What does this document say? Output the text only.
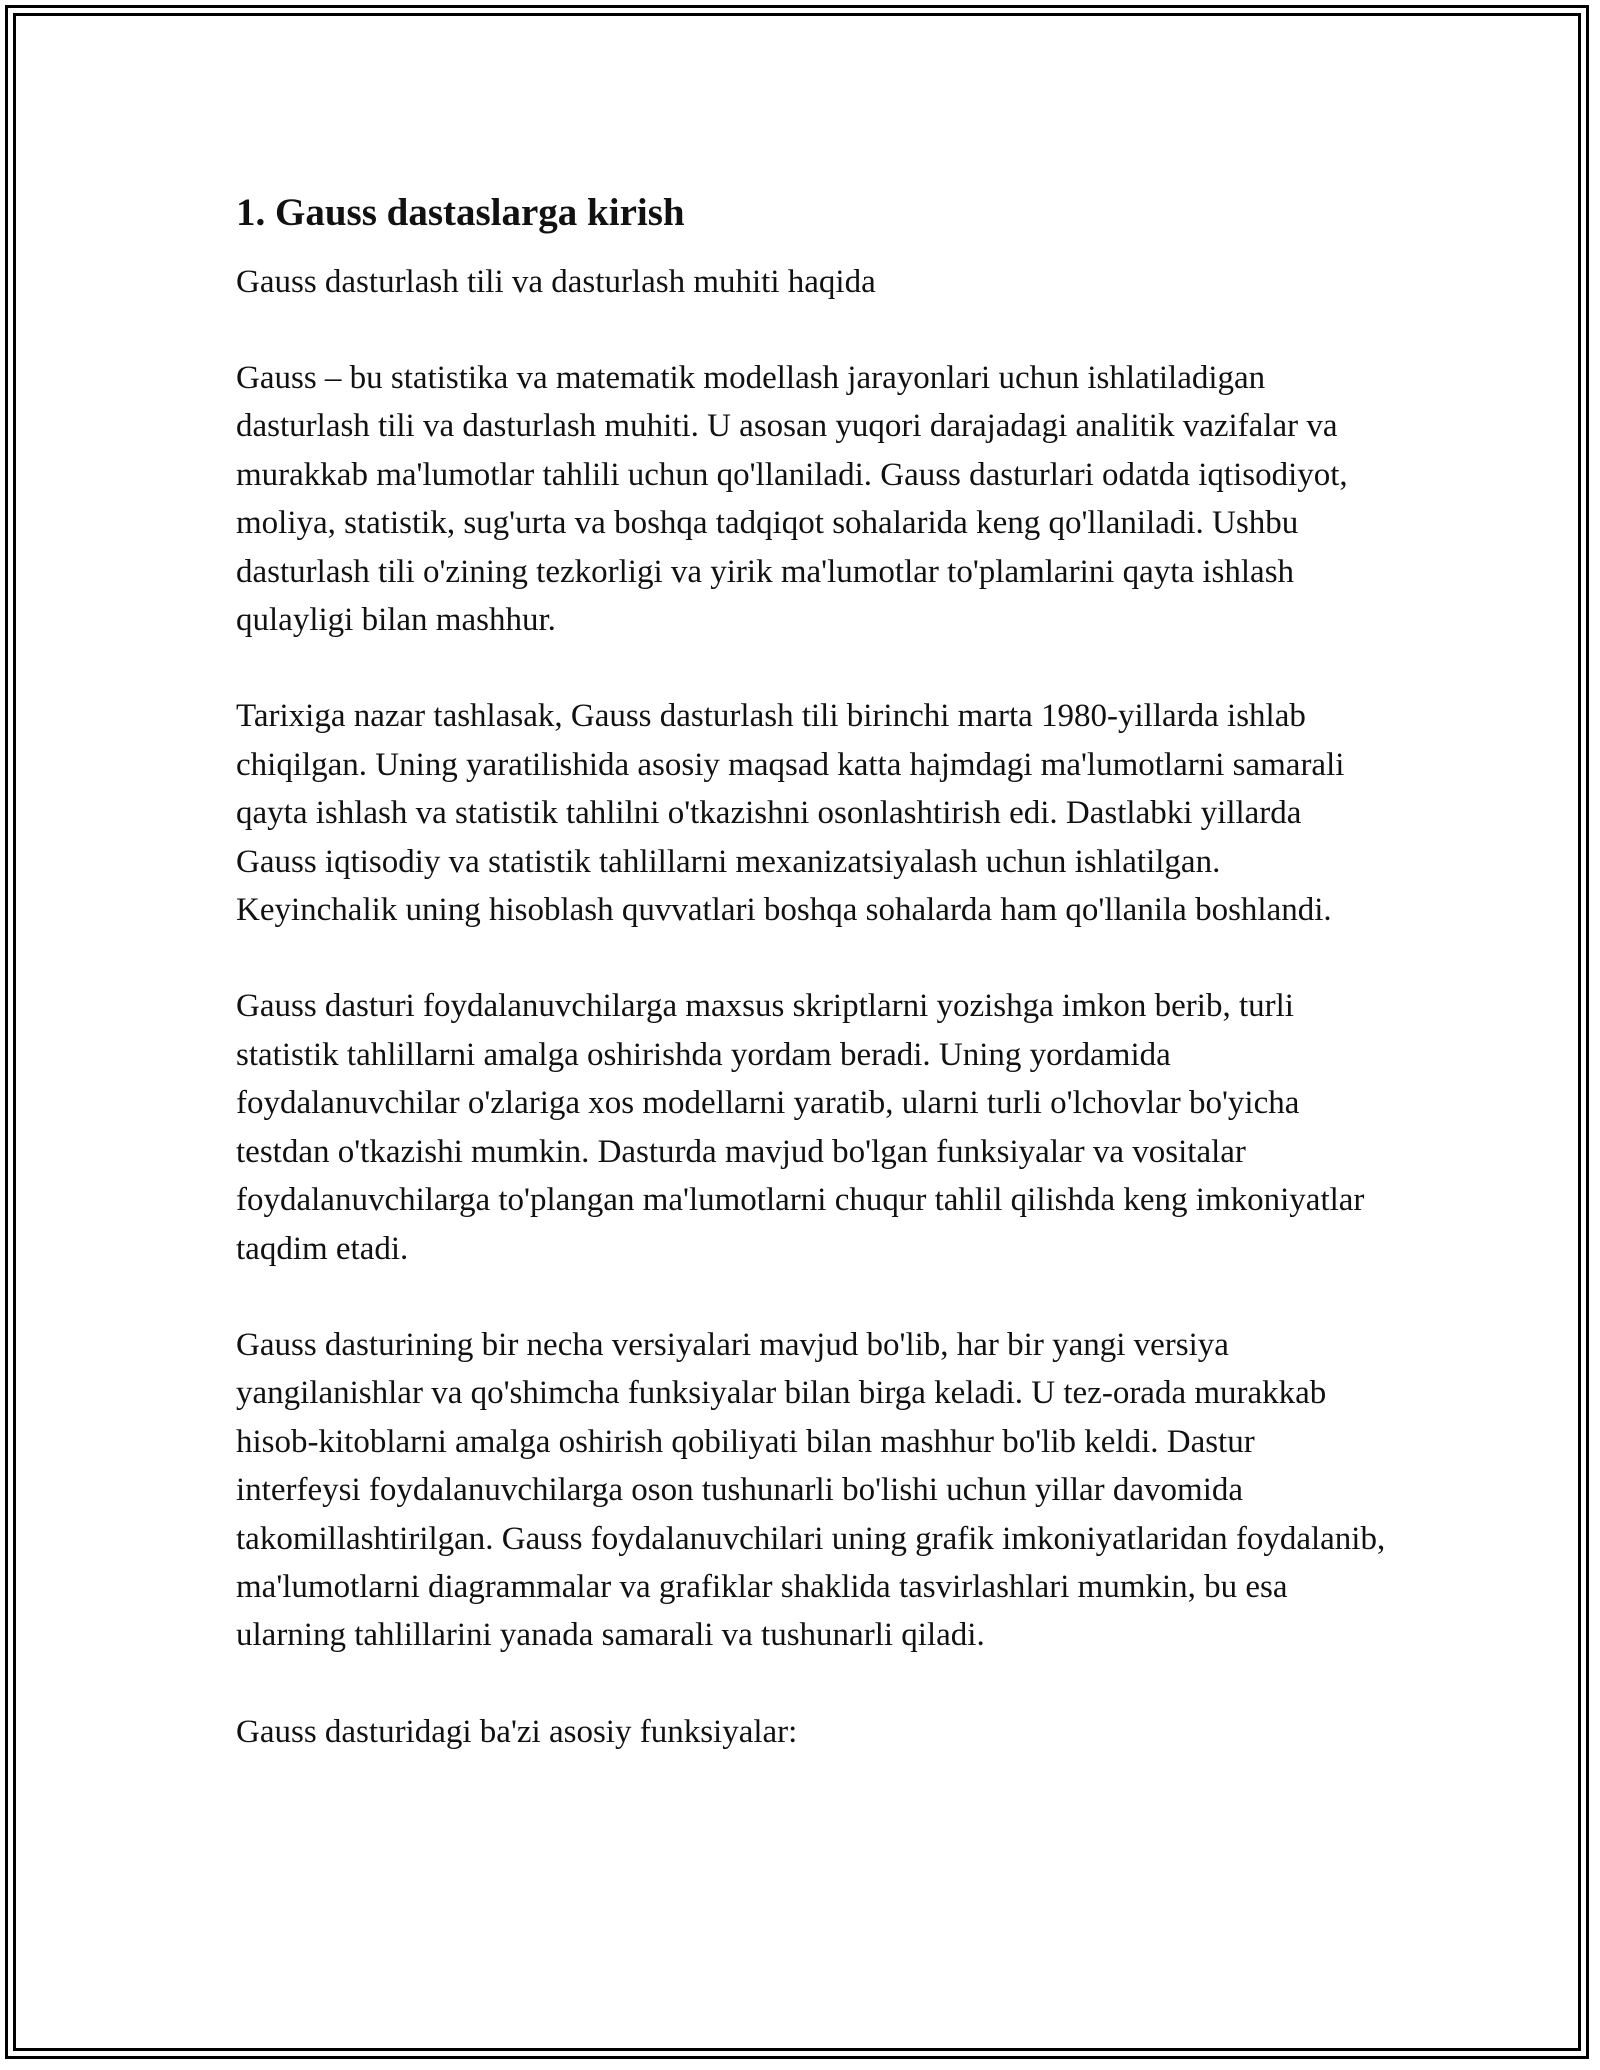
1. Gauss dastaslarga kirish

Gauss dasturlash tili va dasturlash muhiti haqida

Gauss – bu statistika va matematik modellash jarayonlari uchun ishlatiladigan dasturlash tili va dasturlash muhiti. U asosan yuqori darajadagi analitik vazifalar va murakkab ma'lumotlar tahlili uchun qo'llaniladi. Gauss dasturlari odatda iqtisodiyot, moliya, statistik, sug'urta va boshqa tadqiqot sohalarida keng qo'llaniladi. Ushbu dasturlash tili o'zining tezkorligi va yirik ma'lumotlar to'plamlarini qayta ishlash qulayligi bilan mashhur.

Tarixiga nazar tashlasak, Gauss dasturlash tili birinchi marta 1980-yillarda ishlab chiqilgan. Uning yaratilishida asosiy maqsad katta hajmdagi ma'lumotlarni samarali qayta ishlash va statistik tahlilni o'tkazishni osonlashtirish edi. Dastlabki yillarda Gauss iqtisodiy va statistik tahlillarni mexanizatsiyalash uchun ishlatilgan. Keyinchalik uning hisoblash quvvatlari boshqa sohalarda ham qo'llanila boshlandi.

Gauss dasturi foydalanuvchilarga maxsus skriptlarni yozishga imkon berib, turli statistik tahlillarni amalga oshirishda yordam beradi. Uning yordamida foydalanuvchilar o'zlariga xos modellarni yaratib, ularni turli o'lchovlar bo'yicha testdan o'tkazishi mumkin. Dasturda mavjud bo'lgan funksiyalar va vositalar foydalanuvchilarga to'plangan ma'lumotlarni chuqur tahlil qilishda keng imkoniyatlar taqdim etadi.

Gauss dasturining bir necha versiyalari mavjud bo'lib, har bir yangi versiya yangilanishlar va qo'shimcha funksiyalar bilan birga keladi. U tez-orada murakkab hisob-kitoblarni amalga oshirish qobiliyati bilan mashhur bo'lib keldi. Dastur interfeysi foydalanuvchilarga oson tushunarli bo'lishi uchun yillar davomida takomillashtirilgan. Gauss foydalanuvchilari uning grafik imkoniyatlaridan foydalanib, ma'lumotlarni diagrammalar va grafiklar shaklida tasvirlashlari mumkin, bu esa ularning tahlillarini yanada samarali va tushunarli qiladi.

Gauss dasturidagi ba'zi asosiy funksiyalar:
